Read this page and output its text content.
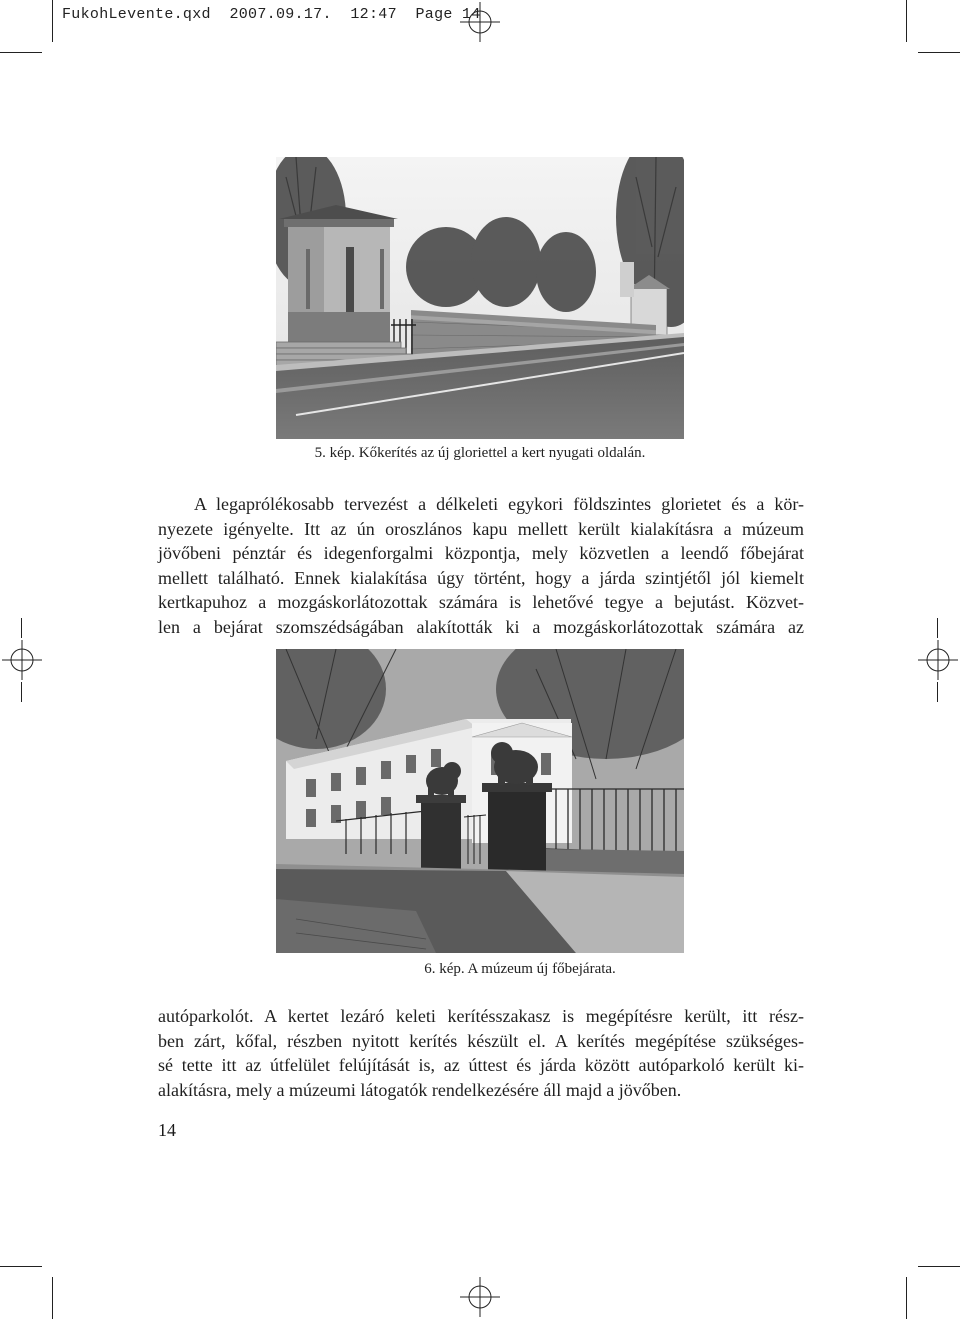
FukohLevente.qxd 2007.09.17. 12:47 Page 14
5. kép. Kőkerítés az új gloriettel a kert nyugati oldalán.
A legaprólékosabb tervezést a délkeleti egykori földszintes glorietet és a kör-
nyezete igényelte. Itt az ún oroszlános kapu mellett került kialakításra a múzeum
jövőbeni pénztár és idegenforgalmi központja, mely közvetlen a leendő főbejárat
mellett található. Ennek kialakítása úgy történt, hogy a járda szintjétől jól kiemelt
kertkapuhoz a mozgáskorlátozottak számára is lehetővé tegye a bejutást. Közvet-
len a bejárat szomszédságában alakították ki a mozgáskorlátozottak számára az
6. kép. A múzeum új főbejárata.
autóparkolót. A kertet lezáró keleti kerítésszakasz is megépítésre került, itt rész-
ben zárt, kőfal, részben nyitott kerítés készült el. A kerítés megépítése szükséges-
sé tette itt az útfelület felújítását is, az úttest és járda között autóparkoló került ki-
alakításra, mely a múzeumi látogatók rendelkezésére áll majd a jövőben.
14
